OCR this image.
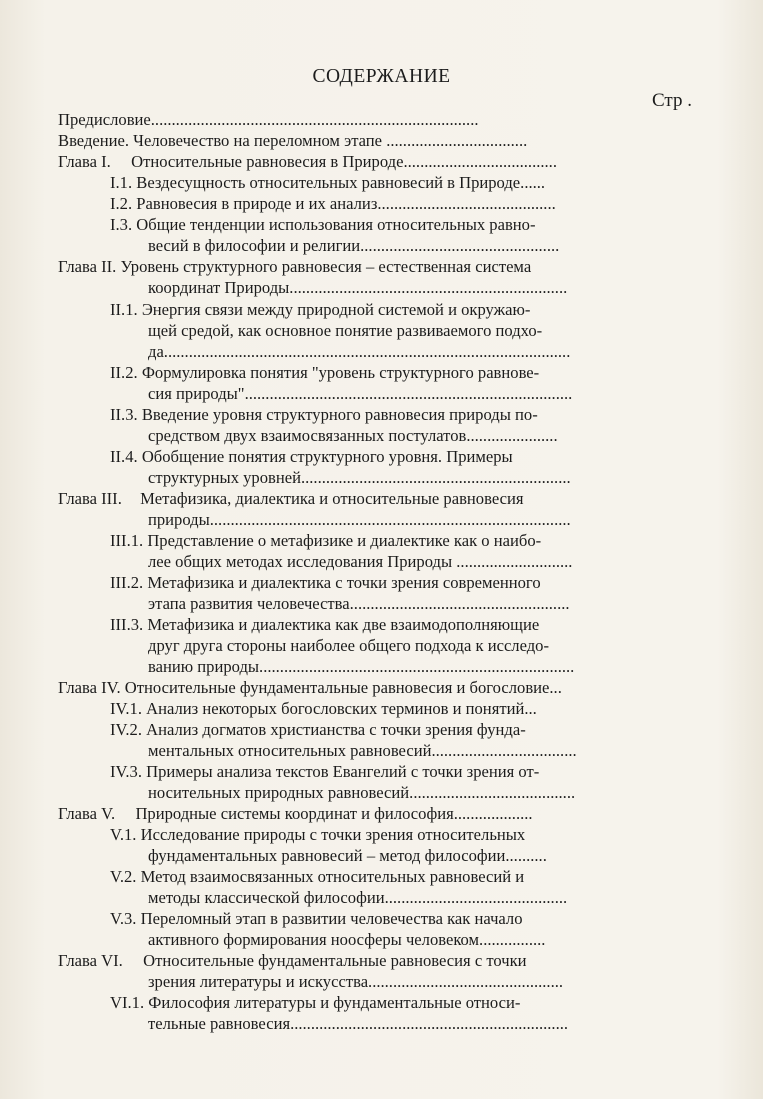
СОДЕРЖАНИЕ
Стр .
Предисловие...............................................................................
Введение. Человечество на переломном этапе ..................................
Глава I. Относительные равновесия в Природе.....................................
I.1. Вездесущность относительных равновесий в Природе......
I.2. Равновесия в природе и их анализ...........................................
I.3. Общие тенденции использования относительных равно-
весий в философии и религии................................................
Глава II. Уровень структурного равновесия – естественная система
координат Природы...................................................................
II.1. Энергия связи между природной системой и окружаю-
щей средой, как основное понятие развиваемого подхо-
да..................................................................................................
II.2. Формулировка понятия "уровень структурного равнове-
сия природы"...............................................................................
II.3. Введение уровня структурного равновесия природы по-
средством двух взаимосвязанных постулатов......................
II.4. Обобщение понятия структурного уровня. Примеры
структурных уровней.................................................................
Глава III. Метафизика, диалектика и относительные равновесия
природы.......................................................................................
III.1. Представление о метафизике и диалектике как о наибо-
лее общих методах исследования Природы ............................
III.2. Метафизика и диалектика с точки зрения современного
этапа развития человечества.....................................................
III.3. Метафизика и диалектика как две взаимодополняющие
друг друга стороны наиболее общего подхода к исследо-
ванию природы............................................................................
Глава IV. Относительные фундаментальные равновесия и богословие...
IV.1. Анализ некоторых богословских терминов и понятий...
IV.2. Анализ догматов христианства с точки зрения фунда-
ментальных относительных равновесий...................................
IV.3. Примеры анализа текстов Евангелий с точки зрения от-
носительных природных равновесий........................................
Глава V. Природные системы координат и философия...................
V.1. Исследование природы с точки зрения относительных
фундаментальных равновесий – метод философии..........
V.2. Метод взаимосвязанных относительных равновесий и
методы классической философии............................................
V.3. Переломный этап в развитии человечества как начало
активного формирования ноосферы человеком................
Глава VI. Относительные фундаментальные равновесия с точки
зрения литературы и искусства...............................................
VI.1. Философия литературы и фундаментальные относи-
тельные равновесия...................................................................
